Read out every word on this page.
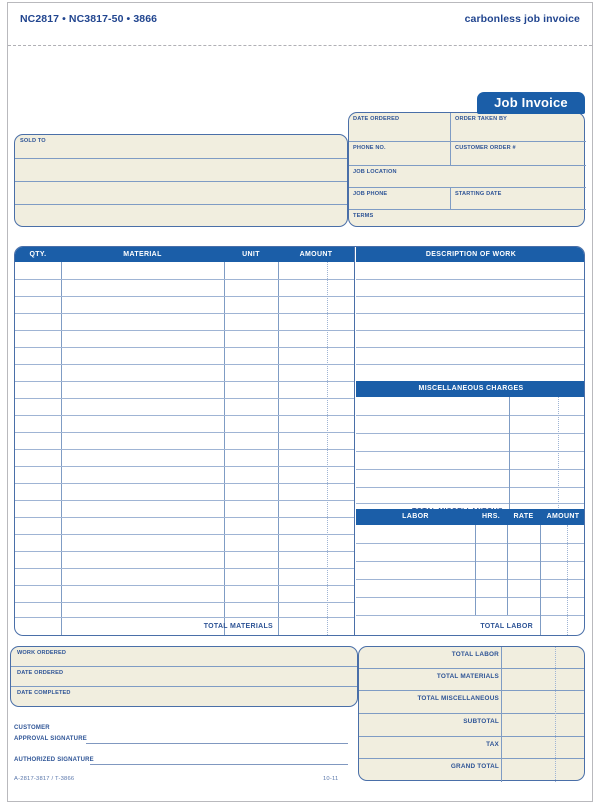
NC2817 • NC3817-50 • 3866	carbonless job invoice
Job Invoice
DATE ORDERED	ORDER TAKEN BY
PHONE NO.	CUSTOMER ORDER #
JOB LOCATION
JOB PHONE	STARTING DATE
TERMS
SOLD TO
QTY.	MATERIAL	UNIT	AMOUNT	DESCRIPTION OF WORK
TOTAL MATERIALS
MISCELLANEOUS CHARGES
LABOR	HRS.	RATE	AMOUNT
TOTAL LABOR
WORK ORDERED
DATE ORDERED
DATE COMPLETED
CUSTOMER
APPROVAL SIGNATURE
AUTHORIZED SIGNATURE
A-2817-3817 / T-3866	10-11
TOTAL LABOR
TOTAL MATERIALS
TOTAL MISCELLANEOUS
SUBTOTAL
TAX
GRAND TOTAL
